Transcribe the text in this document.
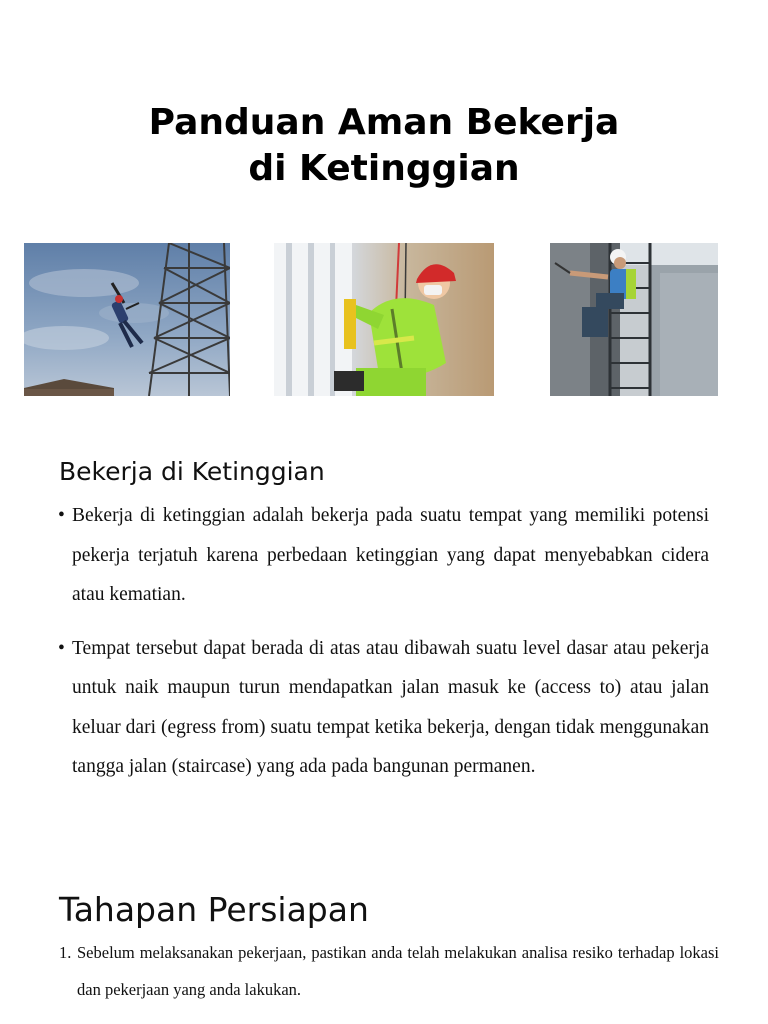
Panduan Aman Bekerja
di Ketinggian
Bekerja di Ketinggian
• Bekerja di ketinggian adalah bekerja pada suatu tempat yang memiliki potensi pekerja terjatuh karena perbedaan ketinggian yang dapat menyebabkan cidera atau kematian.
• Tempat tersebut dapat berada di atas atau dibawah suatu level dasar atau pekerja untuk naik maupun turun mendapatkan jalan masuk ke (access to) atau jalan keluar dari (egress from) suatu tempat ketika bekerja, dengan tidak menggunakan tangga jalan (staircase) yang ada pada bangunan permanen.
Tahapan Persiapan
1. Sebelum melaksanakan pekerjaan, pastikan anda telah melakukan analisa resiko terhadap lokasi dan pekerjaan yang anda lakukan.
